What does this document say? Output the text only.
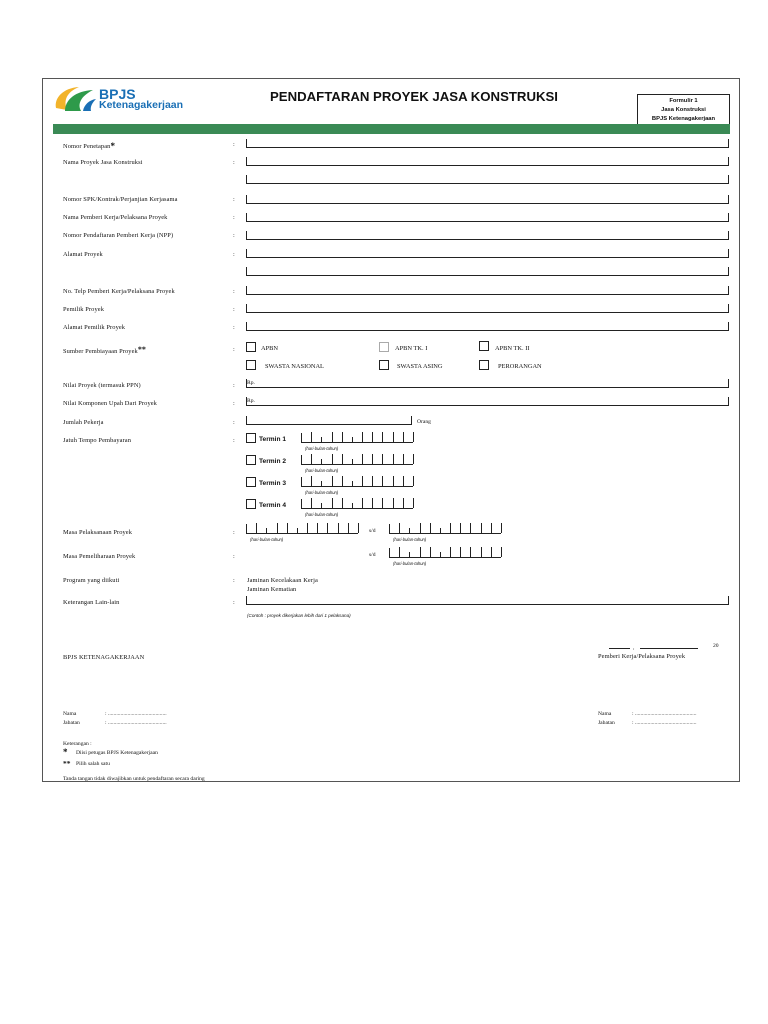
BPJS
Ketenagakerjaan
PENDAFTARAN PROYEK JASA KONSTRUKSI	Formulir 1
Jasa Konstruksi
BPJS Ketenagakerjaan
Nomor Penetapan*	:
Nama Proyek Jasa Konstruksi	:
Nomor SPK/Kontrak/Perjanjian Kerjasama	:
Nama Pemberi Kerja/Pelaksana Proyek	:
Nomor Pendaftaran Pemberi Kerja (NPP)	:
Alamat Proyek	:
No. Telp Pemberi Kerja/Pelaksana Proyek	:
Pemilik Proyek	:
Alamat Pemilik Proyek	:
Sumber Pembiayaan Proyek**	:	APBN	APBN TK. I	APBN TK. II
SWASTA NASIONAL	SWASTA ASING	PERORANGAN
Nilai Proyek (termasuk PPN)	: Rp.
Nilai Komponen Upah Dari Proyek	: Rp.
Jumlah Pekerja	:	Orang
Jatuh Tempo Pembayaran	:	Termin 1
(hari-bulan-tahun)
Termin 2
(hari-bulan-tahun)
Termin 3
(hari-bulan-tahun)
Termin 4
(hari-bulan-tahun)
Masa Pelaksanaan Proyek	:
(hari-bulan-tahun)
s/d
(hari-bulan-tahun)
Masa Pemeliharaan Proyek	:	s/d
(hari-bulan-tahun)
Program yang diikuti	: Jaminan Kecelakaan Kerja
Jaminan Kematian
Keterangan Lain-lain	:
(Contoh : proyek dikerjakan lebih dari 1 pelaksana)
,	20
BPJS KETENAGAKERJAAN	Pemberi Kerja/Pelaksana Proyek
Nama	: ..........................................
Jabatan	: ..........................................
Nama	: ............................................
Jabatan	: ............................................
Keterangan :
* Diisi petugas BPJS Ketenagakerjaan
** Pilih salah satu
Tanda tangan tidak diwajibkan untuk pendaftaran secara daring
